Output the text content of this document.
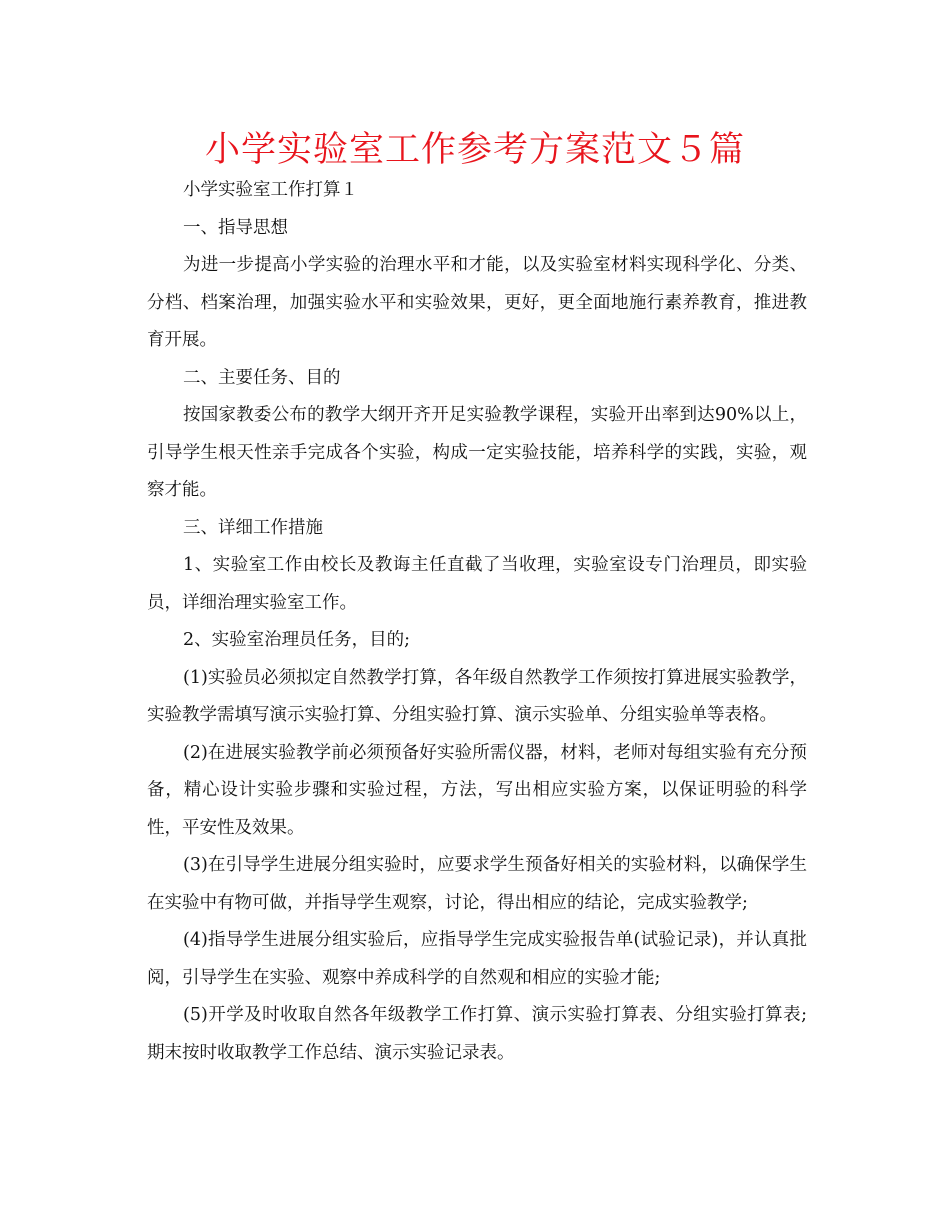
小学实验室工作参考方案范文５篇

小学实验室工作打算１

一、指导思想

为进一步提高小学实验的治理水平和才能，以及实验室材料实现科学化、分类、分档、档案治理，加强实验水平和实验效果，更好，更全面地施行素养教育，推进教育开展。

二、主要任务、目的

按国家教委公布的教学大纲开齐开足实验教学课程，实验开出率到达90%以上，引导学生根天性亲手完成各个实验，构成一定实验技能，培养科学的实践，实验，观察才能。

三、详细工作措施

1、实验室工作由校长及教诲主任直截了当收理，实验室设专门治理员，即实验员，详细治理实验室工作。

2、实验室治理员任务，目的;

(1)实验员必须拟定自然教学打算，各年级自然教学工作须按打算进展实验教学，实验教学需填写演示实验打算、分组实验打算、演示实验单、分组实验单等表格。

(2)在进展实验教学前必须预备好实验所需仪器，材料，老师对每组实验有充分预备，精心设计实验步骤和实验过程，方法，写出相应实验方案，以保证明验的科学性，平安性及效果。

(3)在引导学生进展分组实验时，应要求学生预备好相关的实验材料，以确保学生在实验中有物可做，并指导学生观察，讨论，得出相应的结论，完成实验教学;

(4)指导学生进展分组实验后，应指导学生完成实验报告单(试验记录)，并认真批阅，引导学生在实验、观察中养成科学的自然观和相应的实验才能;

(5)开学及时收取自然各年级教学工作打算、演示实验打算表、分组实验打算表;期末按时收取教学工作总结、演示实验记录表。
